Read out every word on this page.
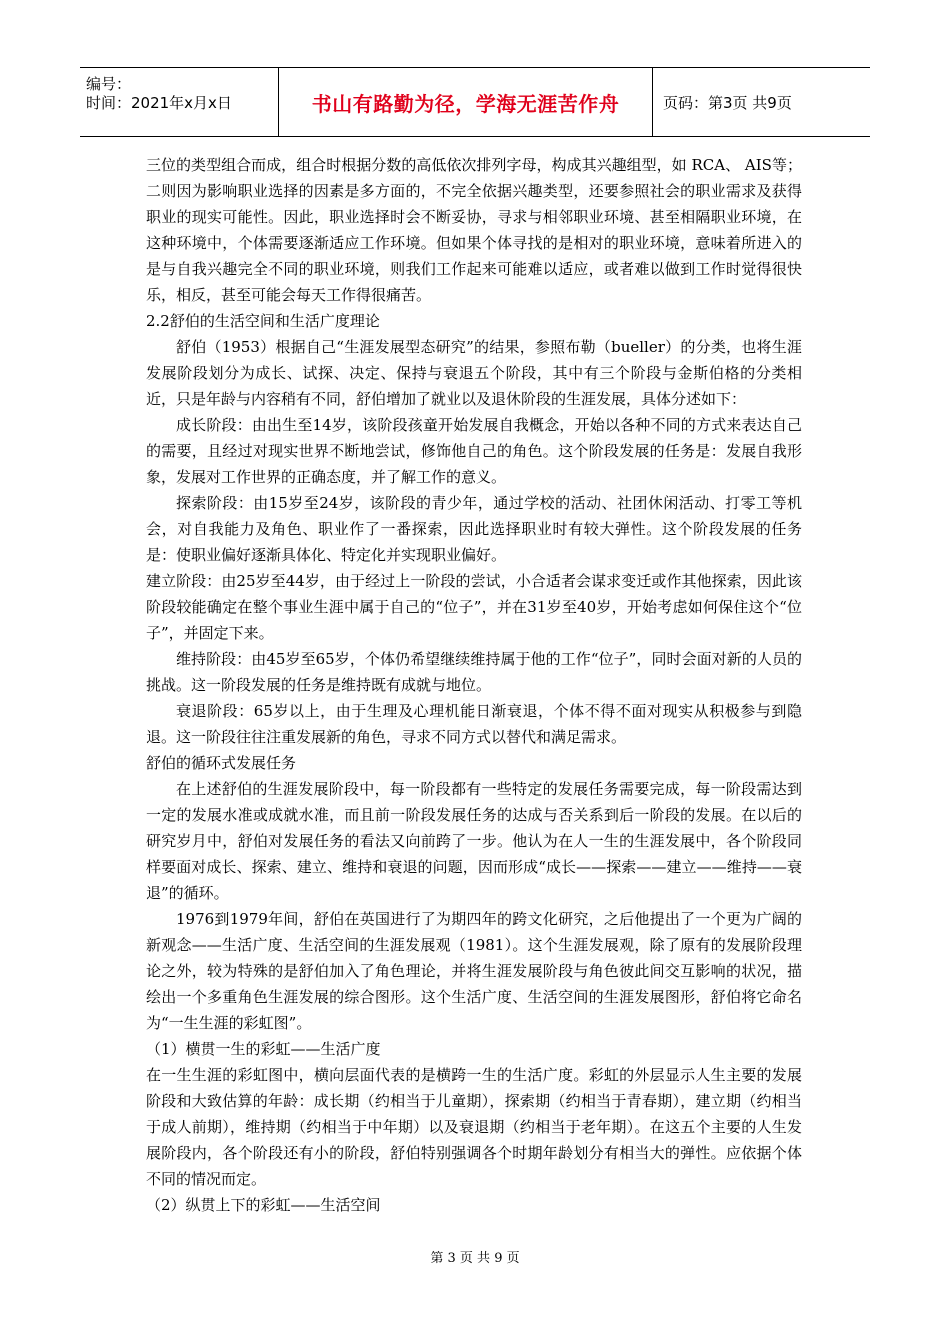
编号：
时间：2021年x月x日	书山有路勤为径，学海无涯苦作舟	页码：第3页 共9页

三位的类型组合而成，组合时根据分数的高低依次排列字母，构成其兴趣组型，如 RCA、 AIS等；二则因为影响职业选择的因素是多方面的，不完全依据兴趣类型，还要参照社会的职业需求及获得职业的现实可能性。因此，职业选择时会不断妥协，寻求与相邻职业环境、甚至相隔职业环境，在这种环境中，个体需要逐渐适应工作环境。但如果个体寻找的是相对的职业环境，意味着所进入的是与自我兴趣完全不同的职业环境，则我们工作起来可能难以适应，或者难以做到工作时觉得很快乐，相反，甚至可能会每天工作得很痛苦。

2.2舒伯的生活空间和生活广度理论

舒伯（1953）根据自己“生涯发展型态研究”的结果，参照布勒（bueller）的分类，也将生涯发展阶段划分为成长、试探、决定、保持与衰退五个阶段，其中有三个阶段与金斯伯格的分类相近，只是年龄与内容稍有不同，舒伯增加了就业以及退休阶段的生涯发展，具体分述如下：

成长阶段：由出生至14岁，该阶段孩童开始发展自我概念，开始以各种不同的方式来表达自己的需要，且经过对现实世界不断地尝试，修饰他自己的角色。这个阶段发展的任务是：发展自我形象，发展对工作世界的正确态度，并了解工作的意义。

探索阶段：由15岁至24岁，该阶段的青少年，通过学校的活动、社团休闲活动、打零工等机会，对自我能力及角色、职业作了一番探索，因此选择职业时有较大弹性。这个阶段发展的任务是：使职业偏好逐渐具体化、特定化并实现职业偏好。

建立阶段：由25岁至44岁，由于经过上一阶段的尝试，小合适者会谋求变迁或作其他探索，因此该阶段较能确定在整个事业生涯中属于自己的“位子”，并在31岁至40岁，开始考虑如何保住这个“位子”，并固定下来。

维持阶段：由45岁至65岁，个体仍希望继续维持属于他的工作“位子”，同时会面对新的人员的挑战。这一阶段发展的任务是维持既有成就与地位。

衰退阶段：65岁以上，由于生理及心理机能日渐衰退，个体不得不面对现实从积极参与到隐退。这一阶段往往注重发展新的角色，寻求不同方式以替代和满足需求。

舒伯的循环式发展任务

在上述舒伯的生涯发展阶段中，每一阶段都有一些特定的发展任务需要完成，每一阶段需达到一定的发展水准或成就水准，而且前一阶段发展任务的达成与否关系到后一阶段的发展。在以后的研究岁月中，舒伯对发展任务的看法又向前跨了一步。他认为在人一生的生涯发展中，各个阶段同样要面对成长、探索、建立、维持和衰退的问题，因而形成“成长——探索——建立——维持——衰退”的循环。

1976到1979年间，舒伯在英国进行了为期四年的跨文化研究，之后他提出了一个更为广阔的新观念——生活广度、生活空间的生涯发展观（1981）。这个生涯发展观，除了原有的发展阶段理论之外，较为特殊的是舒伯加入了角色理论，并将生涯发展阶段与角色彼此间交互影响的状况，描绘出一个多重角色生涯发展的综合图形。这个生活广度、生活空间的生涯发展图形，舒伯将它命名为“一生生涯的彩虹图”。

（1）横贯一生的彩虹——生活广度

在一生生涯的彩虹图中，横向层面代表的是横跨一生的生活广度。彩虹的外层显示人生主要的发展阶段和大致估算的年龄：成长期（约相当于儿童期），探索期（约相当于青春期），建立期（约相当于成人前期），维持期（约相当于中年期）以及衰退期（约相当于老年期）。在这五个主要的人生发展阶段内，各个阶段还有小的阶段，舒伯特别强调各个时期年龄划分有相当大的弹性。应依据个体不同的情况而定。

（2）纵贯上下的彩虹——生活空间

第 3 页 共 9 页
